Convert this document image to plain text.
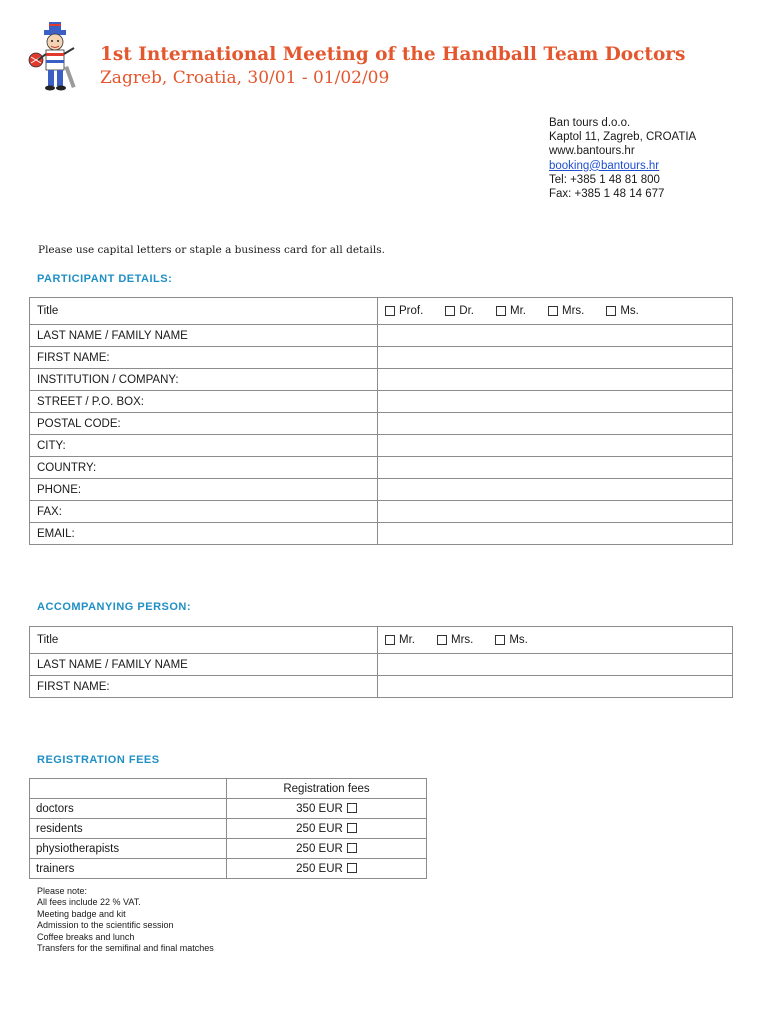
1st International Meeting of the Handball Team Doctors
Zagreb, Croatia, 30/01 - 01/02/09
Ban tours d.o.o.
Kaptol 11, Zagreb, CROATIA
www.bantours.hr
booking@bantours.hr
Tel: +385 1 48 81 800
Fax: +385 1 48 14 677
Please use capital letters or staple a business card for all details.
PARTICIPANT DETAILS:
Title	Prof. Dr. Mr. Mrs. Ms.

LAST NAME / FAMILY NAME	
FIRST NAME:	
INSTITUTION / COMPANY:	
STREET / P.O. BOX:	
POSTAL CODE:	
CITY:	
COUNTRY:	
PHONE:	
FAX:	
EMAIL:	
ACCOMPANYING PERSON:
Title	Mr. Mrs. Ms.

LAST NAME / FAMILY NAME	
FIRST NAME:	
REGISTRATION FEES
	Registration fees
doctors	350 EUR
residents	250 EUR
physiotherapists	250 EUR
trainers	250 EUR
Please note:
All fees include 22 % VAT.
Meeting badge and kit
Admission to the scientific session
Coffee breaks and lunch
Transfers for the semifinal and final matches
